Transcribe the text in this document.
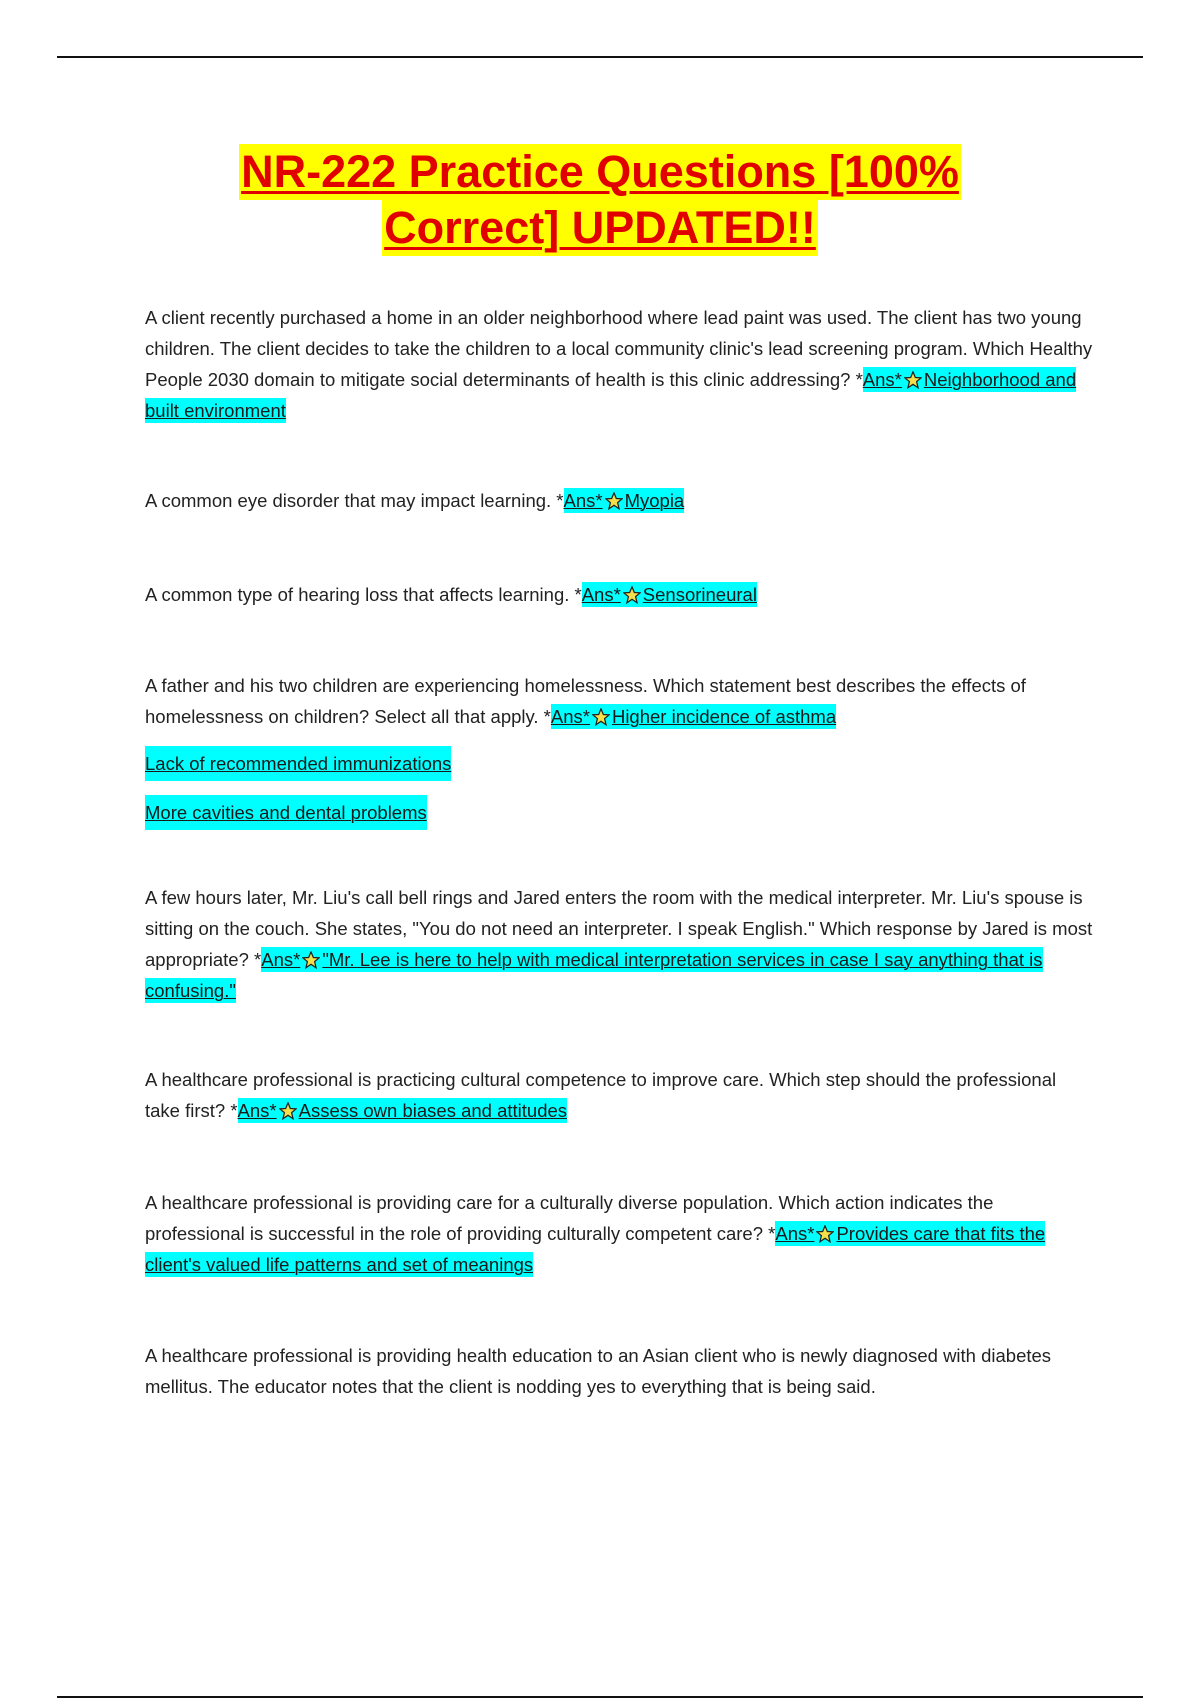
NR-222 Practice Questions [100%
Correct] UPDATED!!
A client recently purchased a home in an older neighborhood where lead paint was used. The client has two young children. The client decides to take the children to a local community clinic's lead screening program. Which Healthy People 2030 domain to mitigate social determinants of health is this clinic addressing? *Ans* Neighborhood and built environment
A common eye disorder that may impact learning. *Ans* Myopia
A common type of hearing loss that affects learning. *Ans* Sensorineural
A father and his two children are experiencing homelessness. Which statement best describes the effects of homelessness on children? Select all that apply. *Ans* Higher incidence of asthma
Lack of recommended immunizations
More cavities and dental problems
A few hours later, Mr. Liu's call bell rings and Jared enters the room with the medical interpreter. Mr. Liu's spouse is sitting on the couch. She states, "You do not need an interpreter. I speak English." Which response by Jared is most appropriate? *Ans* "Mr. Lee is here to help with medical interpretation services in case I say anything that is confusing."
A healthcare professional is practicing cultural competence to improve care. Which step should the professional take first? *Ans* Assess own biases and attitudes
A healthcare professional is providing care for a culturally diverse population. Which action indicates the professional is successful in the role of providing culturally competent care? *Ans* Provides care that fits the client's valued life patterns and set of meanings
A healthcare professional is providing health education to an Asian client who is newly diagnosed with diabetes mellitus. The educator notes that the client is nodding yes to everything that is being said.
